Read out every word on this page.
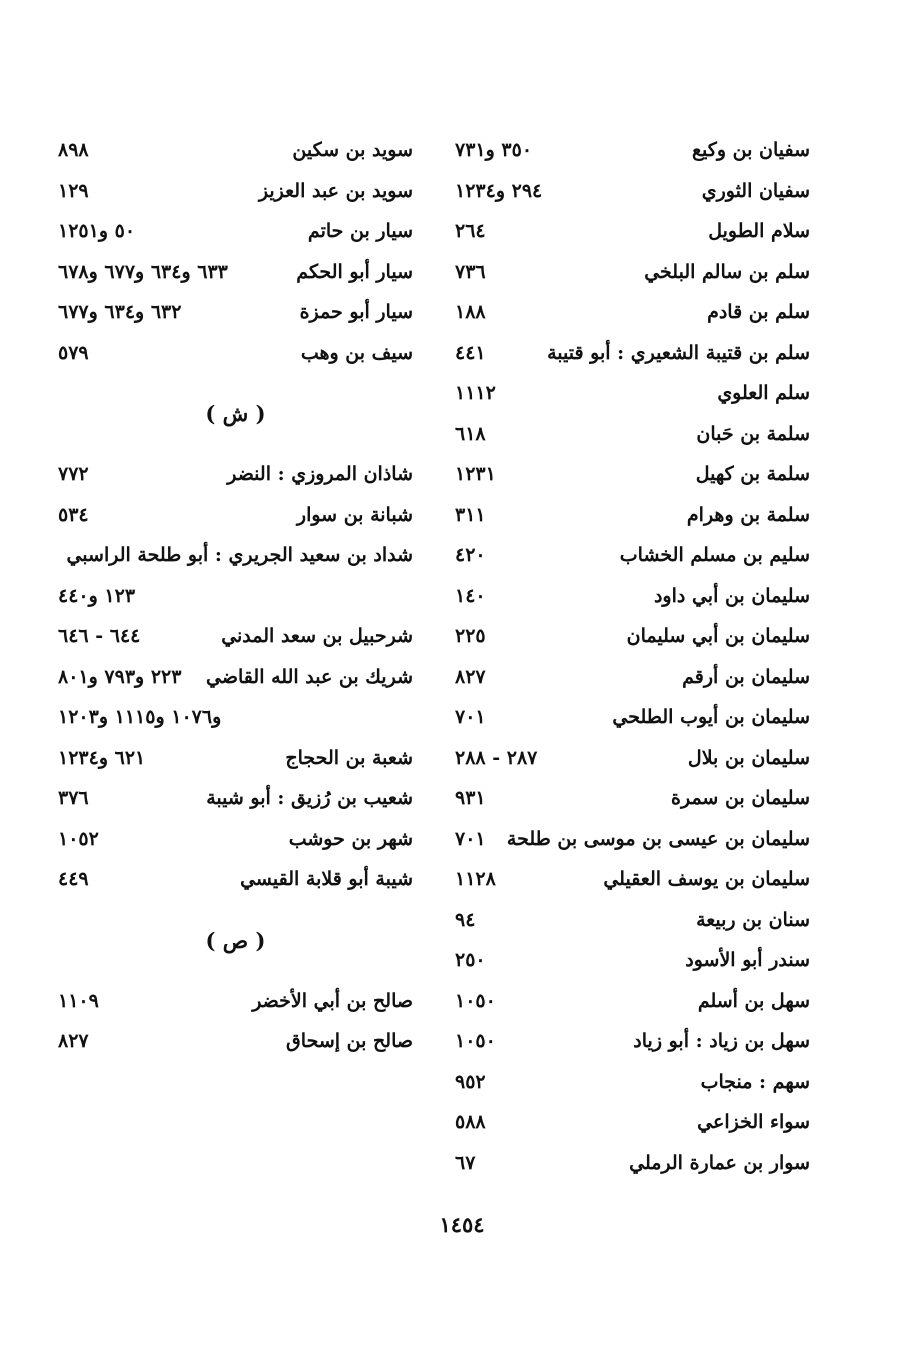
سفيان بن وكيع
٣٥٠ و٧٣١
سفيان الثوري
٢٩٤ و١٢٣٤
سلام الطويل
٢٦٤
سلم بن سالم البلخي
٧٣٦
سلم بن قادم
١٨٨
سلم بن قتيبة الشعيري : أبو قتيبة
٤٤١
سلم العلوي
١١١٢
سلمة بن حَبان
٦١٨
سلمة بن كهيل
١٢٣١
سلمة بن وهرام
٣١١
سليم بن مسلم الخشاب
٤٢٠
سليمان بن أبي داود
١٤٠
سليمان بن أبي سليمان
٢٢٥
سليمان بن أرقم
٨٢٧
سليمان بن أيوب الطلحي
٧٠١
سليمان بن بلال
٢٨٧ - ٢٨٨
سليمان بن سمرة
٩٣١
سليمان بن عيسى بن موسى بن طلحة
٧٠١
سليمان بن يوسف العقيلي
١١٢٨
سنان بن ربيعة
٩٤
سندر أبو الأسود
٢٥٠
سهل بن أسلم
١٠٥٠
سهل بن زياد : أبو زياد
١٠٥٠
سهم : منجاب
٩٥٢
سواء الخزاعي
٥٨٨
سوار بن عمارة الرملي
٦٧
سويد بن سكين
٨٩٨
سويد بن عبد العزيز
١٢٩
سيار بن حاتم
٥٠ و١٢٥١
سيار أبو الحكم
٦٣٣ و٦٣٤ و٦٧٧ و٦٧٨
سيار أبو حمزة
٦٣٢ و٦٣٤ و٦٧٧
سيف بن وهب
٥٧٩
( ش )
شاذان المروزي : النضر
٧٧٢
شبانة بن سوار
٥٣٤
شداد بن سعيد الجريري : أبو طلحة الراسبي
١٢٣ و٤٤٠
شرحبيل بن سعد المدني
٦٤٤ - ٦٤٦
شريك بن عبد الله القاضي
٢٢٣ و٧٩٣ و٨٠١
و١٠٧٦ و١١١٥ و١٢٠٣
شعبة بن الحجاج
٦٢١ و١٢٣٤
شعيب بن رُزيق : أبو شيبة
٣٧٦
شهر بن حوشب
١٠٥٢
شيبة أبو قلابة القيسي
٤٤٩
( ص )
صالح بن أبي الأخضر
١١٠٩
صالح بن إسحاق
٨٢٧
١٤٥٤
